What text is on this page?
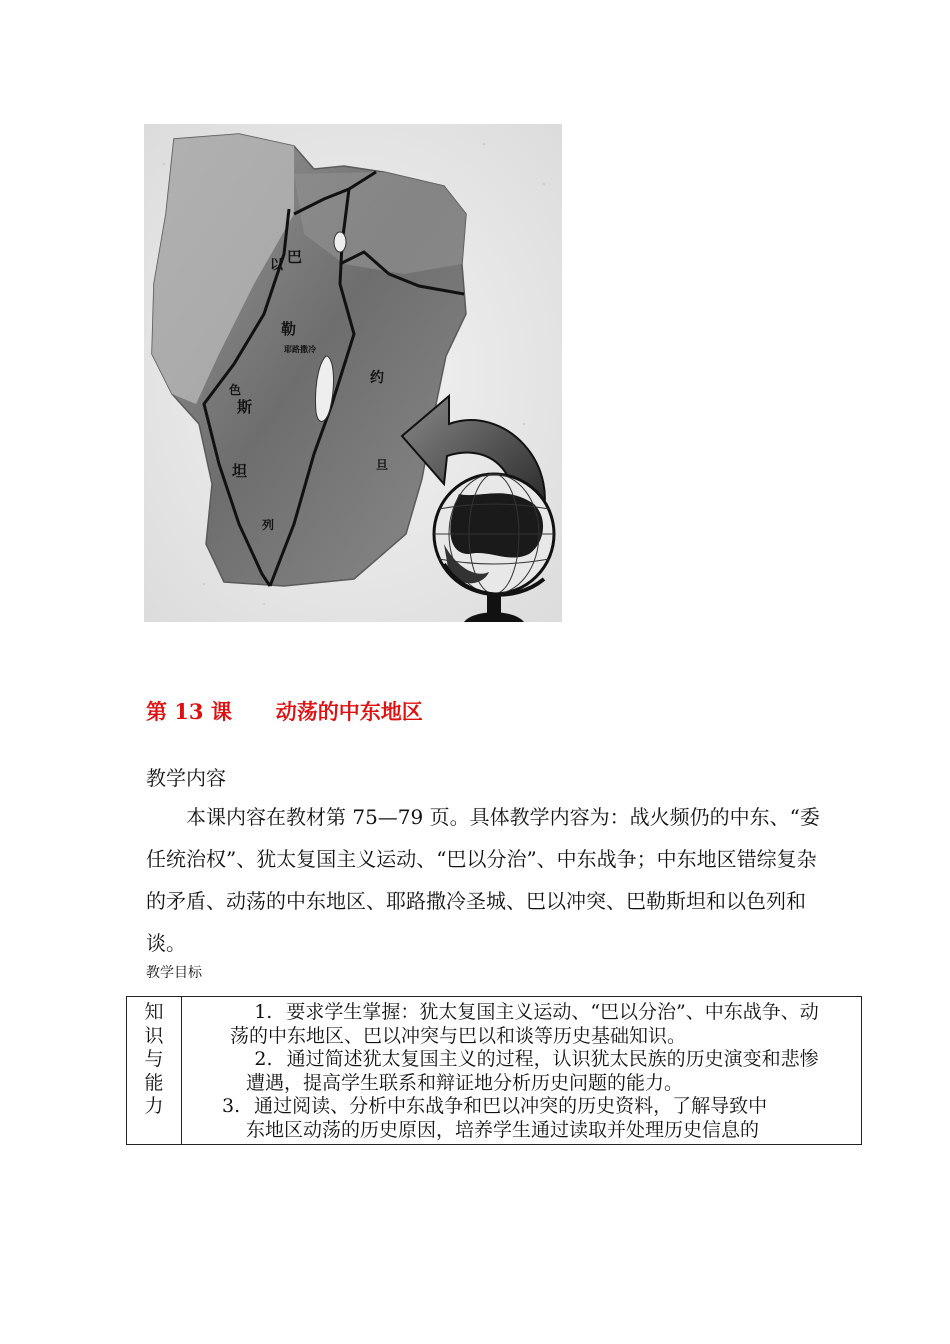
巴
以
勒
耶路撒冷
色
斯
坦
列
约
旦
第 13 课 动荡的中东地区
教学内容

本课内容在教材第 75—79 页。具体教学内容为：战火频仍的中东、“委任统治权”、犹太复国主义运动、“巴以分治”、中东战争；中东地区错综复杂的矛盾、动荡的中东地区、耶路撒冷圣城、巴以冲突、巴勒斯坦和以色列和谈。

教学目标
知
识
与
能
力

1. 要求学生掌握：犹太复国主义运动、“巴以分治”、中东战争、动
荡的中东地区、巴以冲突与巴以和谈等历史基础知识。
2. 通过简述犹太复国主义的过程，认识犹太民族的历史演变和悲惨
遭遇，提高学生联系和辩证地分析历史问题的能力。
3. 通过阅读、分析中东战争和巴以冲突的历史资料，了解导致中
东地区动荡的历史原因，培养学生通过读取并处理历史信息的
